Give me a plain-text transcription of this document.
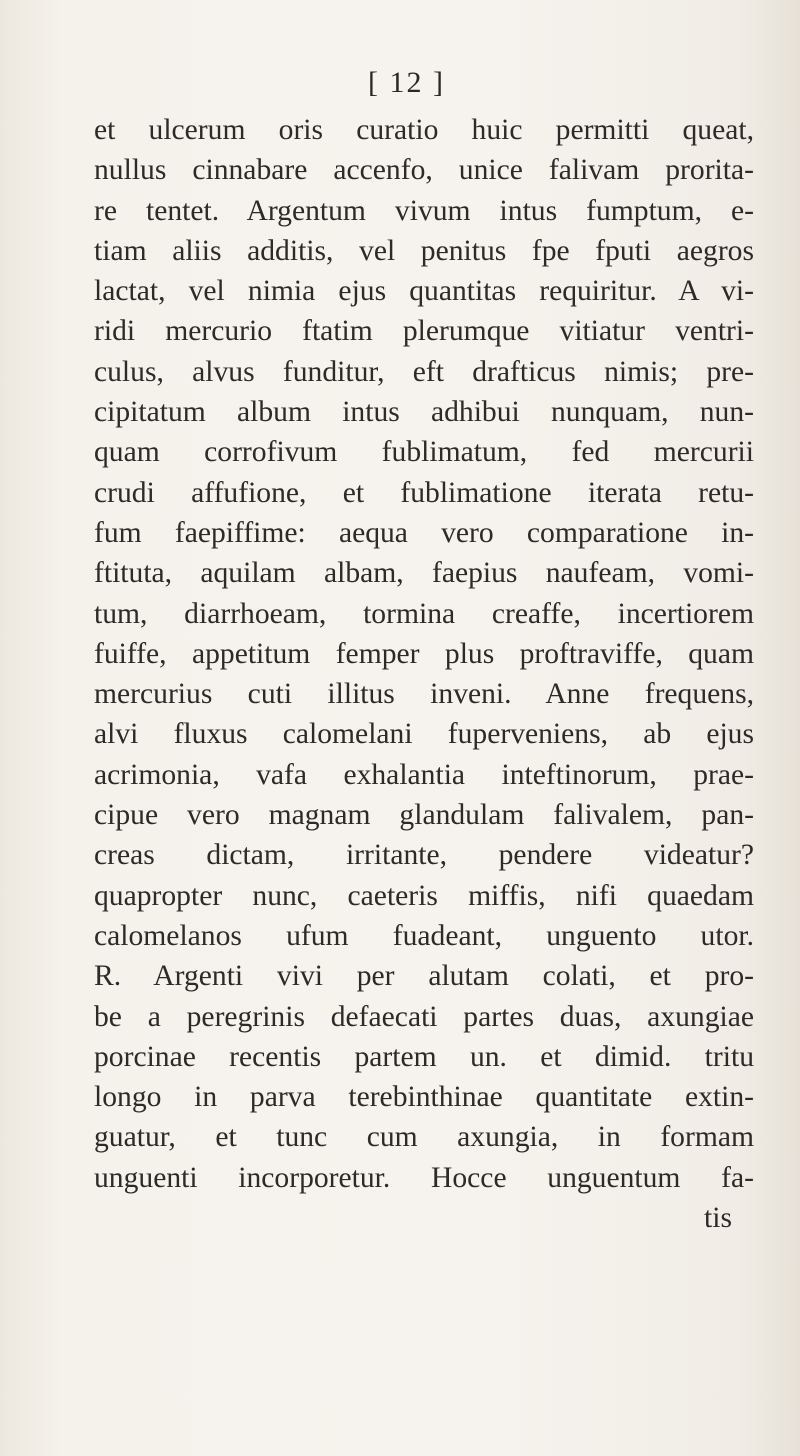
[ 12 ]
et ulcerum oris curatio huic permitti queat,
nullus cinnabare accenfo, unice falivam prorita-
re tentet. Argentum vivum intus fumptum, e-
tiam aliis additis, vel penitus fpe fputi aegros
lactat, vel nimia ejus quantitas requiritur. A vi-
ridi mercurio ftatim plerumque vitiatur ventri-
culus, alvus funditur, eft drafticus nimis; pre-
cipitatum album intus adhibui nunquam, nun-
quam corrofivum fublimatum, fed mercurii
crudi affufione, et fublimatione iterata retu-
fum faepiffime: aequa vero comparatione in-
ftituta, aquilam albam, faepius naufeam, vomi-
tum, diarrhoeam, tormina creaffe, incertiorem
fuiffe, appetitum femper plus proftraviffe, quam
mercurius cuti illitus inveni. Anne frequens,
alvi fluxus calomelani fuperveniens, ab ejus
acrimonia, vafa exhalantia inteftinorum, prae-
cipue vero magnam glandulam falivalem, pan-
creas dictam, irritante, pendere videatur?
quapropter nunc, caeteris miffis, nifi quaedam
calomelanos ufum fuadeant, unguento utor.
R. Argenti vivi per alutam colati, et pro-
be a peregrinis defaecati partes duas, axungiae
porcinae recentis partem un. et dimid. tritu
longo in parva terebinthinae quantitate extin-
guatur, et tunc cum axungia, in formam
unguenti incorporetur. Hocce unguentum fa-
tis
